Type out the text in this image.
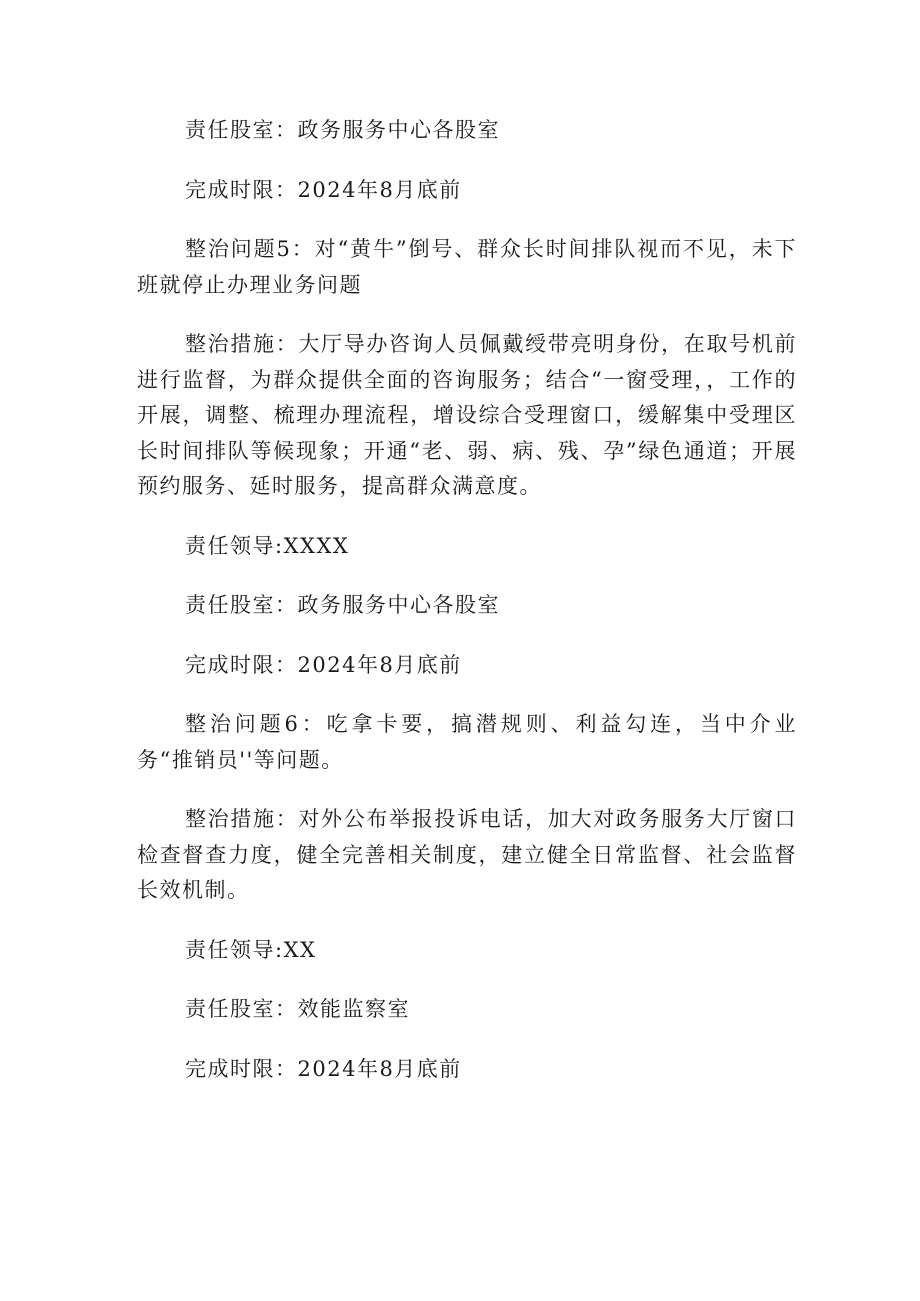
责任股室：政务服务中心各股室

完成时限：2024年8月底前

整治问题5：对“黄牛”倒号、群众长时间排队视而不见，未下班就停止办理业务问题

整治措施：大厅导办咨询人员佩戴绶带亮明身份，在取号机前进行监督，为群众提供全面的咨询服务；结合“一窗受理，，工作的开展，调整、梳理办理流程，增设综合受理窗口，缓解集中受理区长时间排队等候现象；开通“老、弱、病、残、孕”绿色通道；开展预约服务、延时服务，提高群众满意度。

责任领导:XXXX

责任股室：政务服务中心各股室

完成时限：2024年8月底前

整治问题6：吃拿卡要，搞潜规则、利益勾连，当中介业务“推销员''等问题。

整治措施：对外公布举报投诉电话，加大对政务服务大厅窗口检查督查力度，健全完善相关制度，建立健全日常监督、社会监督长效机制。

责任领导:XX

责任股室：效能监察室

完成时限：2024年8月底前
